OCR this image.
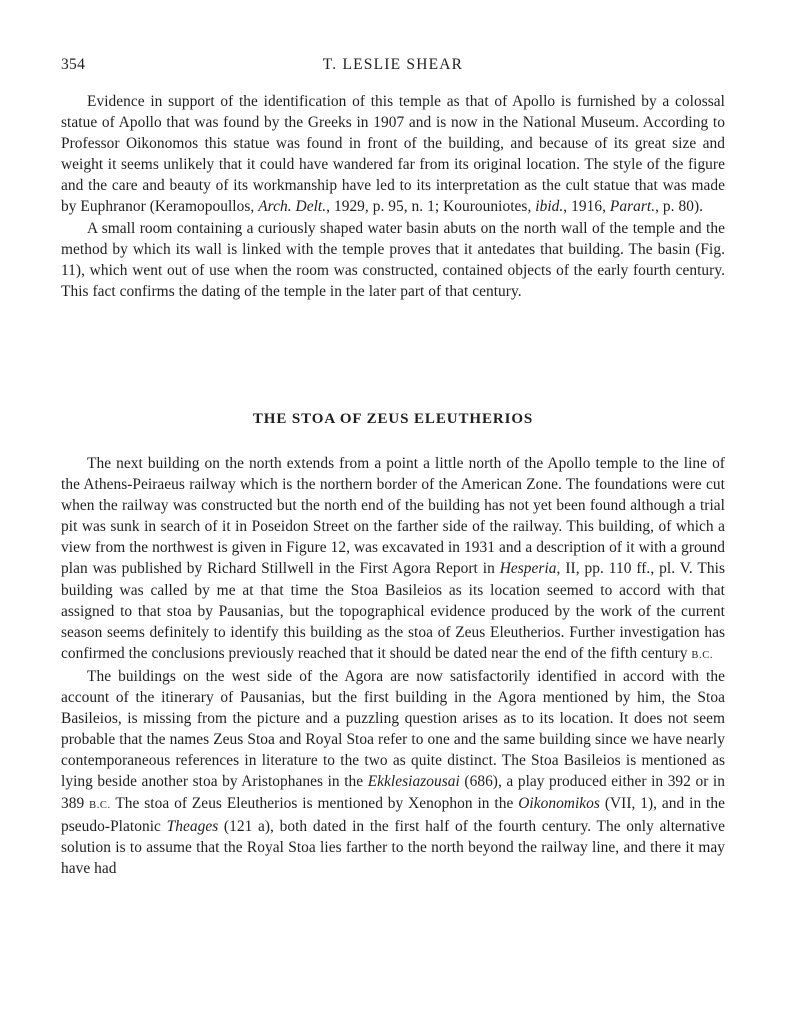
354	T. LESLIE SHEAR

Evidence in support of the identification of this temple as that of Apollo is furnished by a colossal statue of Apollo that was found by the Greeks in 1907 and is now in the National Museum. According to Professor Oikonomos this statue was found in front of the building, and because of its great size and weight it seems unlikely that it could have wandered far from its original location. The style of the figure and the care and beauty of its workmanship have led to its interpretation as the cult statue that was made by Euphranor (Keramopoullos, Arch. Delt., 1929, p. 95, n. 1; Kourouniotes, ibid., 1916, Parart., p. 80).

A small room containing a curiously shaped water basin abuts on the north wall of the temple and the method by which its wall is linked with the temple proves that it antedates that building. The basin (Fig. 11), which went out of use when the room was constructed, contained objects of the early fourth century. This fact confirms the dating of the temple in the later part of that century.

THE STOA OF ZEUS ELEUTHERIOS

The next building on the north extends from a point a little north of the Apollo temple to the line of the Athens-Peiraeus railway which is the northern border of the American Zone. The foundations were cut when the railway was constructed but the north end of the building has not yet been found although a trial pit was sunk in search of it in Poseidon Street on the farther side of the railway. This building, of which a view from the northwest is given in Figure 12, was excavated in 1931 and a description of it with a ground plan was published by Richard Stillwell in the First Agora Report in Hesperia, II, pp. 110 ff., pl. V. This building was called by me at that time the Stoa Basileios as its location seemed to accord with that assigned to that stoa by Pausanias, but the topographical evidence produced by the work of the current season seems definitely to identify this building as the stoa of Zeus Eleutherios. Further investigation has confirmed the conclusions previously reached that it should be dated near the end of the fifth century B.C.

The buildings on the west side of the Agora are now satisfactorily identified in accord with the account of the itinerary of Pausanias, but the first building in the Agora mentioned by him, the Stoa Basileios, is missing from the picture and a puzzling question arises as to its location. It does not seem probable that the names Zeus Stoa and Royal Stoa refer to one and the same building since we have nearly contemporaneous references in literature to the two as quite distinct. The Stoa Basileios is mentioned as lying beside another stoa by Aristophanes in the Ekklesiazousai (686), a play produced either in 392 or in 389 B.C. The stoa of Zeus Eleutherios is mentioned by Xenophon in the Oikonomikos (VII, 1), and in the pseudo-Platonic Theages (121 a), both dated in the first half of the fourth century. The only alternative solution is to assume that the Royal Stoa lies farther to the north beyond the railway line, and there it may have had
